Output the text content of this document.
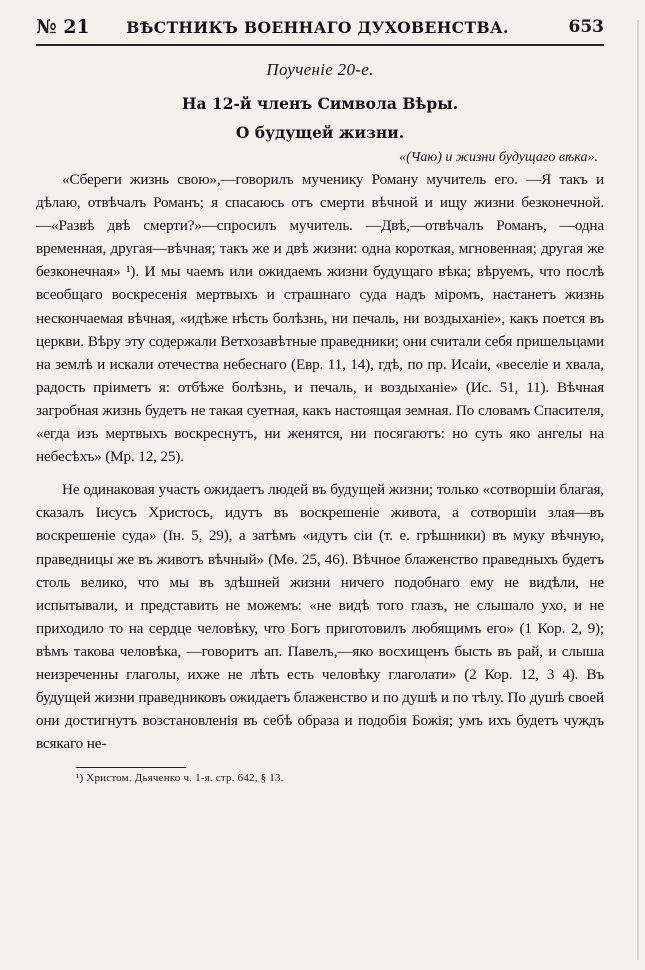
№ 21 ВѢСТНИКЪ ВОЕННАГО ДУХОВЕНСТВА.	653
Поученiе 20-е.
На 12-й членъ Символа Вѣры.
О будущей жизни.
«(Чаю) и жизни будущаго вѣка».

«Сбереги жизнь свою»,—говорилъ мученику Роману мучитель его. —Я такъ и дѣлаю, отвѣчалъ Романъ; я спасаюсь отъ смерти вѣчной и ищу жизни безконечной. —«Развѣ двѣ смерти?»—спросилъ мучитель. —Двѣ,—отвѣчалъ Романъ, —одна временная, другая—вѣчная; такъ же и двѣ жизни: одна короткая, мгновенная; другая же безконечная» ¹). И мы чаемъ или ожидаемъ жизни будущаго вѣка; вѣруемъ, что послѣ всеобщаго воскресенiя мертвыхъ и страшнаго суда надъ мiромъ, настанетъ жизнь нескончаемая вѣчная, «идѣже нѣсть болѣзнь, ни печаль, ни воздыханiе», какъ поется въ церкви. Вѣру эту содержали Ветхозавѣтные праведники; они считали себя пришельцами на землѣ и искали отечества небеснаго (Евр. 11, 14), гдѣ, по пр. Исаiи, «веселiе и хвала, радость прiиметъ я: отбѣже болѣзнь, и печаль, и воздыханiе» (Ис. 51, 11). Вѣчная загробная жизнь будетъ не такая суетная, какъ настоящая земная. По словамъ Спасителя, «егда изъ мертвыхъ воскреснутъ, ни женятся, ни посягаютъ: но суть яко ангелы на небесѣхъ» (Мр. 12, 25).

Не одинаковая участь ожидаетъ людей въ будущей жизни; только «сотворшiи благая, сказалъ Iисусъ Христосъ, идутъ въ воскрешенiе живота, а сотворшiи злая—въ воскрешенiе суда» (Iн. 5, 29), а затѣмъ «идутъ сiи (т. е. грѣшники) въ муку вѣчную, праведницы же въ животъ вѣчный» (Мѳ. 25, 46). Вѣчное блаженство праведныхъ будетъ столь велико, что мы въ здѣшней жизни ничего подобнаго ему не видѣли, не испытывали, и представить не можемъ: «не видѣ того глазъ, не слышало ухо, и не приходило то на сердце человѣку, что Богъ приготовилъ любящимъ его» (1 Кор. 2, 9); вѣмъ такова человѣка, —говоритъ ап. Павелъ,—яко восхищенъ бысть въ рай, и слыша неизреченны глаголы, ихже не лѣть есть человѣку глаголати» (2 Кор. 12, 3 4). Въ будущей жизни праведниковъ ожидаетъ блаженство и по душѣ и по тѣлу. По душѣ своей они достигнутъ возстановленiя въ себѣ образа и подобiя Божiя; умъ ихъ будетъ чуждъ всякаго не-

¹) Христом. Дьяченко ч. 1-я. стр. 642, § 13.
